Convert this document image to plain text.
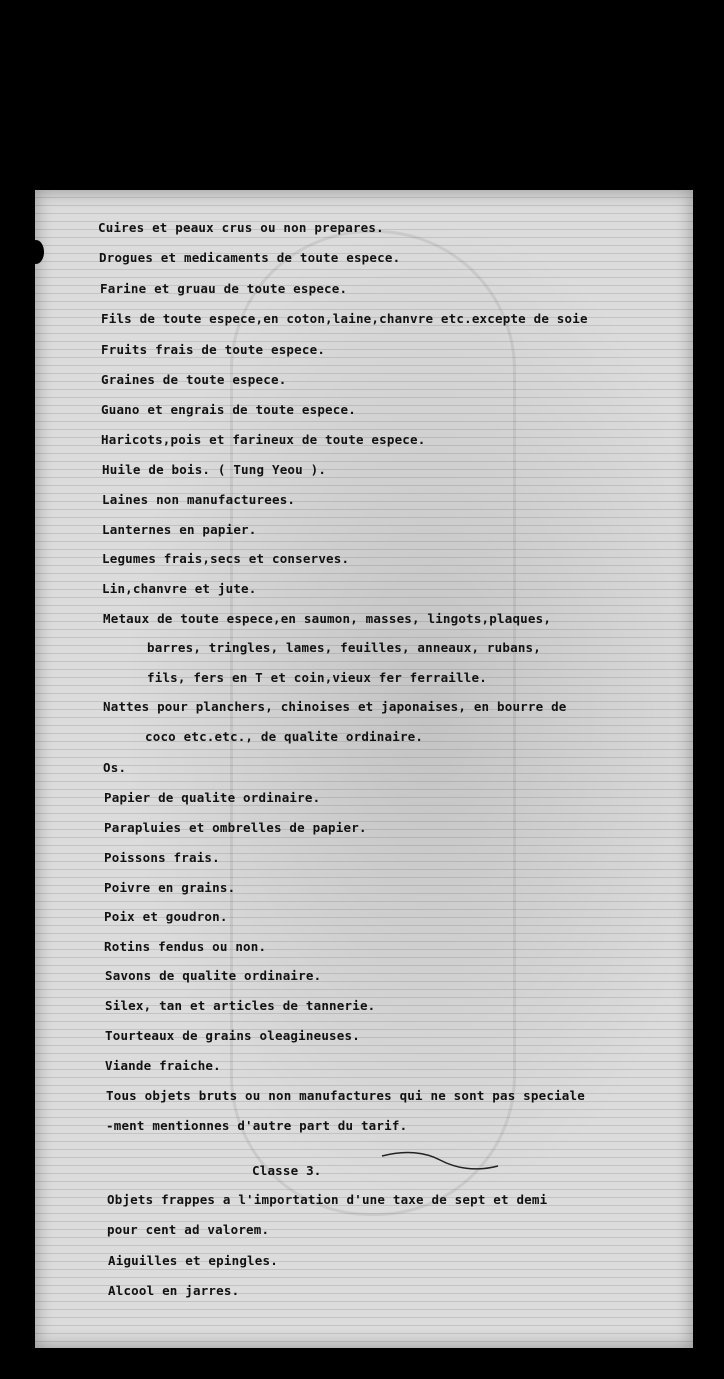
Cuires et peaux crus ou non prepares.
Drogues et medicaments de toute espece.
Farine et gruau de toute espece.
Fils de toute espece,en coton,laine,chanvre etc.excepte de soie
Fruits frais de toute espece.
Graines de toute espece.
Guano et engrais de toute espece.
Haricots,pois et farineux de toute espece.
Huile de bois. ( Tung Yeou ).
Laines non manufacturees.
Lanternes en papier.
Legumes frais,secs et conserves.
Lin,chanvre et jute.
Metaux de toute espece,en saumon, masses, lingots,plaques,
barres, tringles, lames, feuilles, anneaux, rubans,
fils, fers en T et coin,vieux fer ferraille.
Nattes pour planchers, chinoises et japonaises, en bourre de
coco etc.etc., de qualite ordinaire.
Os.
Papier de qualite ordinaire.
Parapluies et ombrelles de papier.
Poissons frais.
Poivre en grains.
Poix et goudron.
Rotins fendus ou non.
Savons de qualite ordinaire.
Silex, tan et articles de tannerie.
Tourteaux de grains oleagineuses.
Viande fraiche.
Tous objets bruts ou non manufactures qui ne sont pas speciale
-ment mentionnes d'autre part du tarif.
Classe 3.
Objets frappes a l'importation d'une taxe de sept et demi
pour cent ad valorem.
Aiguilles et epingles.
Alcool en jarres.
